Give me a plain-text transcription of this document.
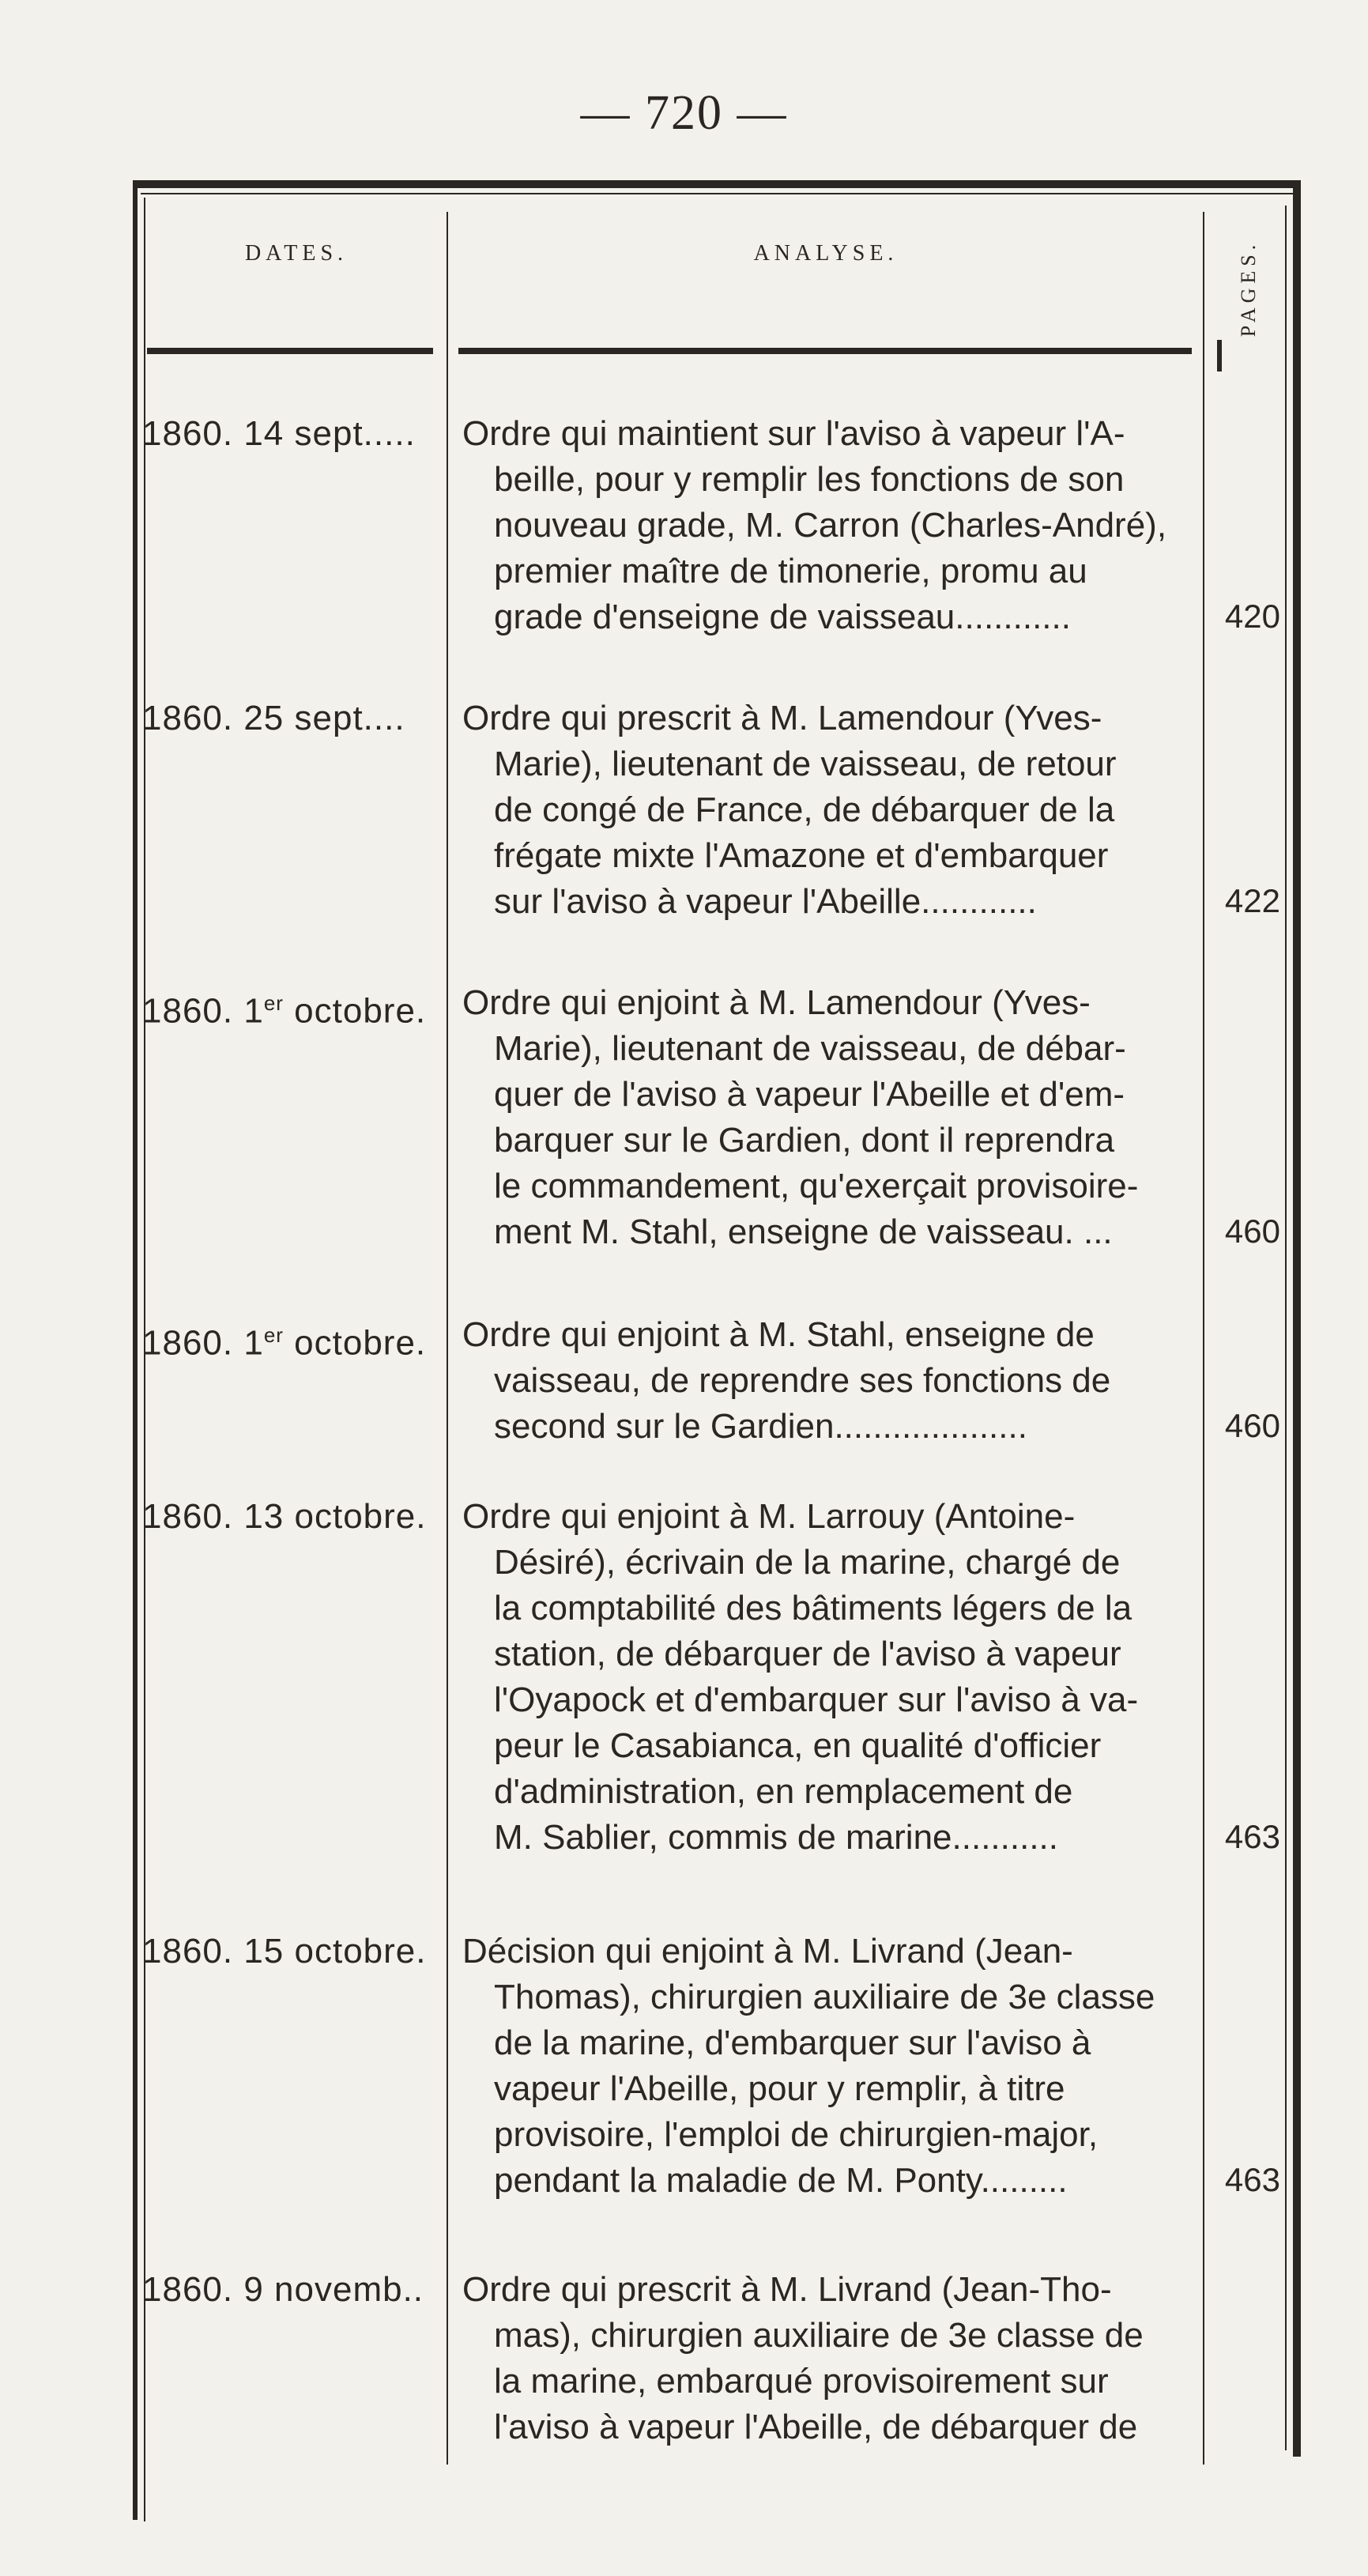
— 720 —
DATES.	ANALYSE.	PAGES.
1860. 14 sept.....	Ordre qui maintient sur l'aviso à vapeur l'A-
beille, pour y remplir les fonctions de son
nouveau grade, M. Carron (Charles-André),
premier maître de timonerie, promu au
grade d'enseigne de vaisseau............	420
1860. 25 sept....	Ordre qui prescrit à M. Lamendour (Yves-
Marie), lieutenant de vaisseau, de retour
de congé de France, de débarquer de la
frégate mixte l'Amazone et d'embarquer
sur l'aviso à vapeur l'Abeille............	422
1860. 1er octobre.	Ordre qui enjoint à M. Lamendour (Yves-
Marie), lieutenant de vaisseau, de débar-
quer de l'aviso à vapeur l'Abeille et d'em-
barquer sur le Gardien, dont il reprendra
le commandement, qu'exerçait provisoire-
ment M. Stahl, enseigne de vaisseau. ...	460
1860. 1er octobre.	Ordre qui enjoint à M. Stahl, enseigne de
vaisseau, de reprendre ses fonctions de
second sur le Gardien....................	460
1860. 13 octobre.	Ordre qui enjoint à M. Larrouy (Antoine-
Désiré), écrivain de la marine, chargé de
la comptabilité des bâtiments légers de la
station, de débarquer de l'aviso à vapeur
l'Oyapock et d'embarquer sur l'aviso à va-
peur le Casabianca, en qualité d'officier
d'administration, en remplacement de
M. Sablier, commis de marine...........	463
1860. 15 octobre.	Décision qui enjoint à M. Livrand (Jean-
Thomas), chirurgien auxiliaire de 3e classe
de la marine, d'embarquer sur l'aviso à
vapeur l'Abeille, pour y remplir, à titre
provisoire, l'emploi de chirurgien-major,
pendant la maladie de M. Ponty.........	463
1860. 9 novemb..	Ordre qui prescrit à M. Livrand (Jean-Tho-
mas), chirurgien auxiliaire de 3e classe de
la marine, embarqué provisoirement sur
l'aviso à vapeur l'Abeille, de débarquer de
